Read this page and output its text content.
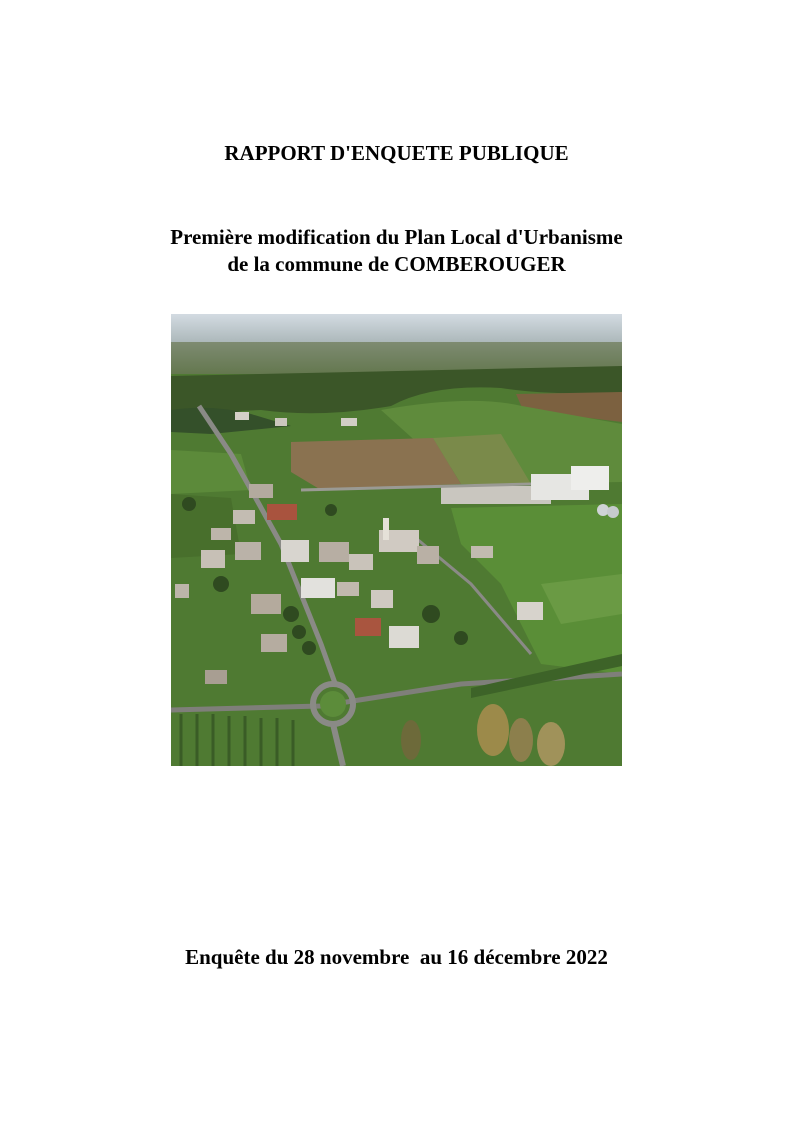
RAPPORT D'ENQUETE PUBLIQUE
Première modification du Plan Local d'Urbanisme
de la commune de COMBEROUGER
Enquête du 28 novembre  au 16 décembre 2022
